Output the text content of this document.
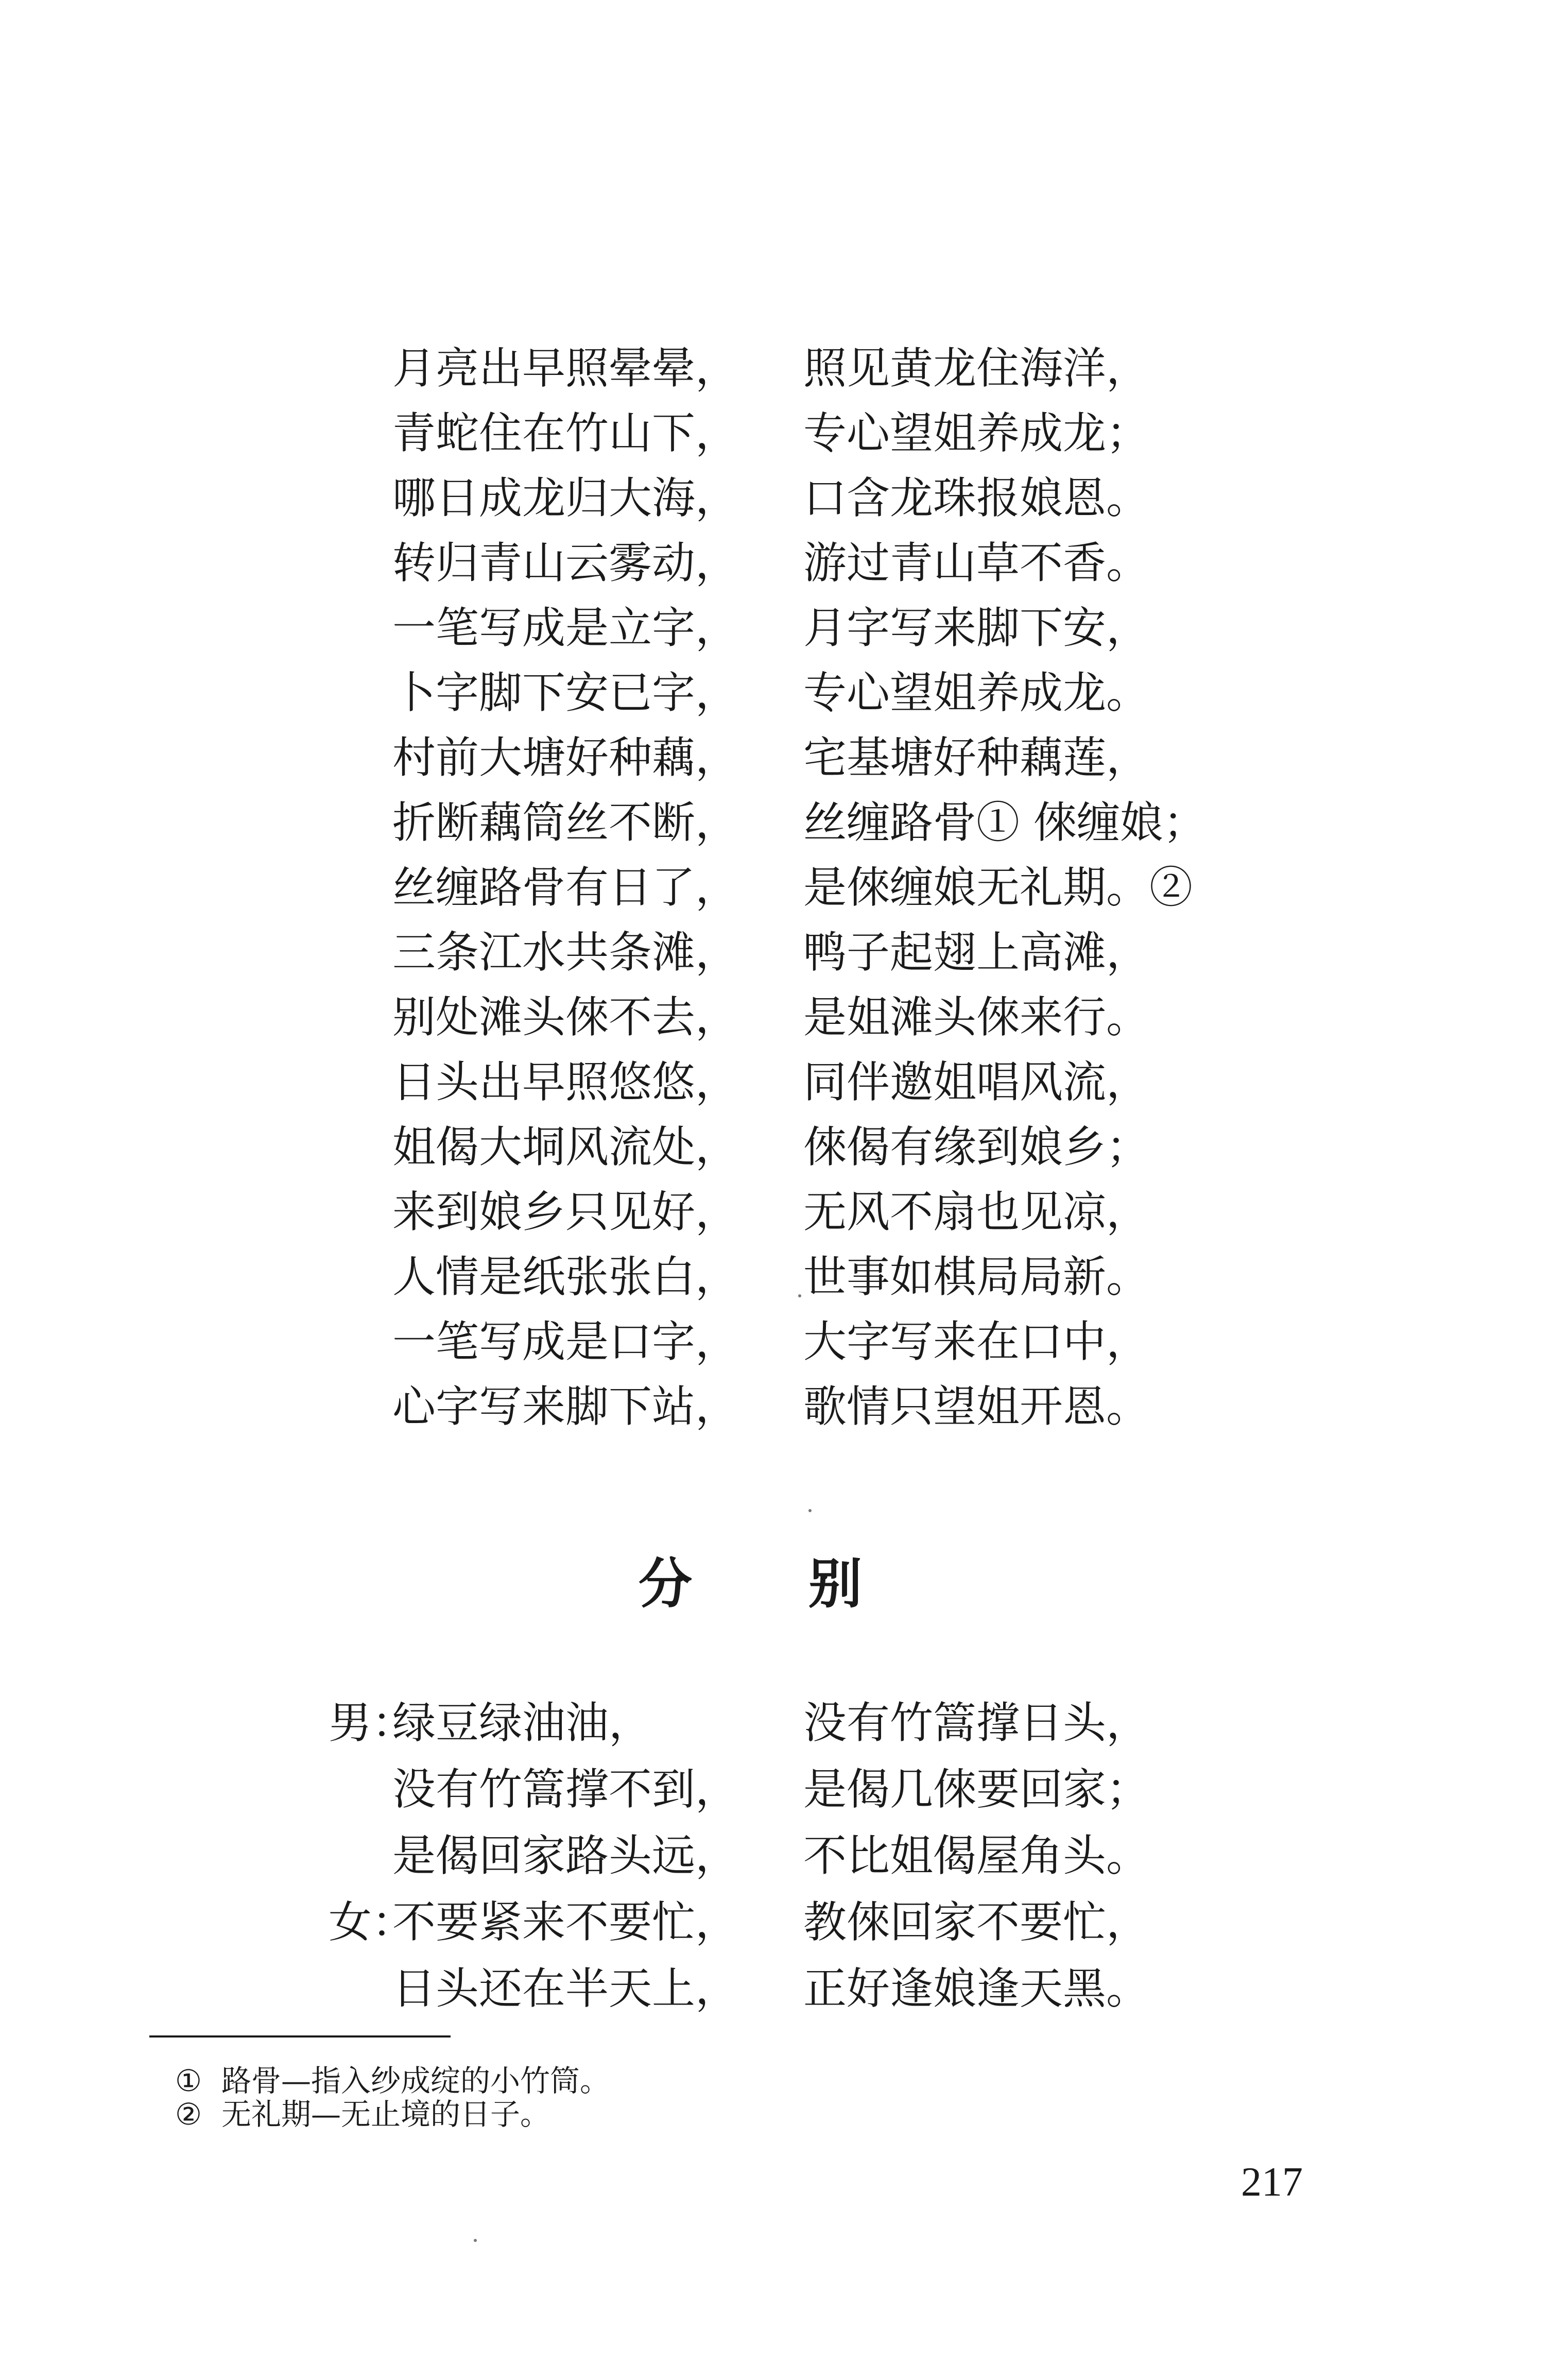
月亮出早照晕晕， 照见黄龙住海洋，
青蛇住在竹山下， 专心望姐养成龙；
哪日成龙归大海， 口含龙珠报娘恩。
转归青山云雾动， 游过青山草不香。
一笔写成是立字， 月字写来脚下安，
卜字脚下安已字， 专心望姐养成龙。
村前大塘好种藕， 宅基塘好种藕莲，
折断藕筒丝不断， 丝缠路骨① 倈缠娘；
丝缠路骨有日了， 是倈缠娘无礼期。②
三条江水共条滩， 鸭子起翅上高滩，
别处滩头倈不去， 是姐滩头倈来行。
日头出早照悠悠， 同伴邀姐唱风流，
姐偈大垌风流处， 倈偈有缘到娘乡；
来到娘乡只见好， 无风不扇也见凉，
人情是纸张张白， 世事如棋局局新。
一笔写成是口字， 大字写来在口中，
心字写来脚下站， 歌情只望姐开恩。
分 别
男：
绿豆绿油油，	没有竹篙撑日头，
没有竹篙撑不到， 是偈几倈要回家；
是偈回家路头远， 不比姐偈屋角头。
女：
不要紧来不要忙， 教倈回家不要忙，
日头还在半天上， 正好逢娘逢天黑。
① 路骨—指入纱成绽的小竹筒。
② 无礼期—无止境的日子。
217
